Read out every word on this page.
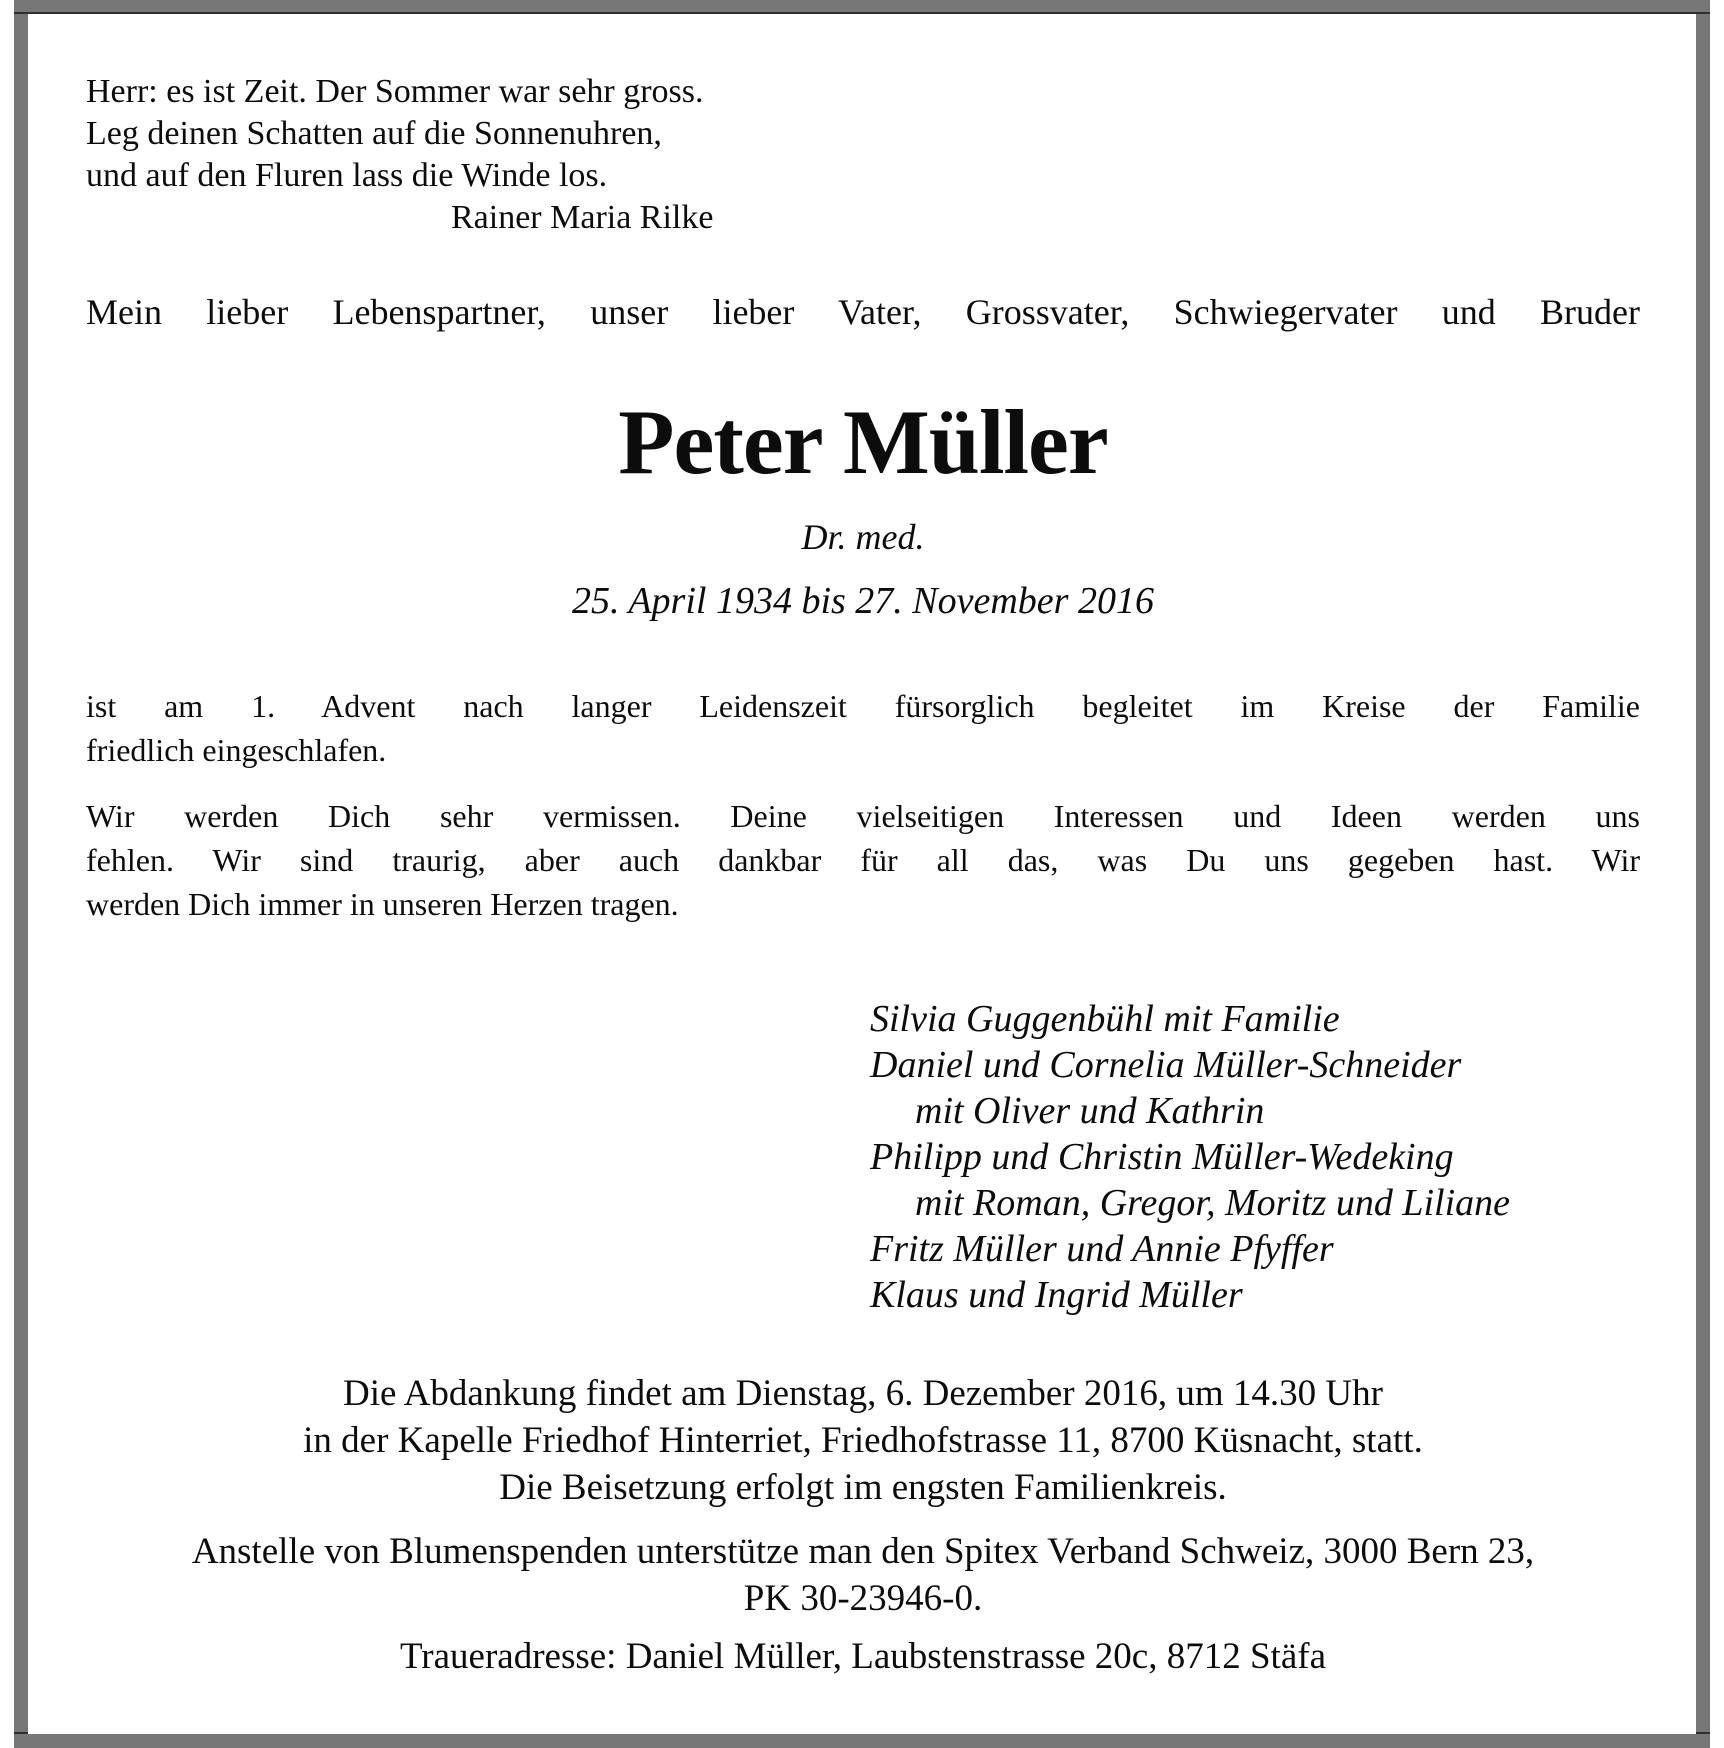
Herr: es ist Zeit. Der Sommer war sehr gross.
Leg deinen Schatten auf die Sonnenuhren,
und auf den Fluren lass die Winde los.
Rainer Maria Rilke
Mein lieber Lebenspartner, unser lieber Vater, Grossvater, Schwiegervater und Bruder
Peter Müller
Dr. med.
25. April 1934 bis 27. November 2016
ist am 1. Advent nach langer Leidenszeit fürsorglich begleitet im Kreise der Familie
friedlich eingeschlafen.
Wir werden Dich sehr vermissen. Deine vielseitigen Interessen und Ideen werden uns
fehlen. Wir sind traurig, aber auch dankbar für all das, was Du uns gegeben hast. Wir
werden Dich immer in unseren Herzen tragen.
Silvia Guggenbühl mit Familie
Daniel und Cornelia Müller-Schneider
mit Oliver und Kathrin
Philipp und Christin Müller-Wedeking
mit Roman, Gregor, Moritz und Liliane
Fritz Müller und Annie Pfyffer
Klaus und Ingrid Müller
Die Abdankung findet am Dienstag, 6. Dezember 2016, um 14.30 Uhr
in der Kapelle Friedhof Hinterriet, Friedhofstrasse 11, 8700 Küsnacht, statt.
Die Beisetzung erfolgt im engsten Familienkreis.
Anstelle von Blumenspenden unterstütze man den Spitex Verband Schweiz, 3000 Bern 23,
PK 30-23946-0.
Traueradresse: Daniel Müller, Laubstenstrasse 20c, 8712 Stäfa
